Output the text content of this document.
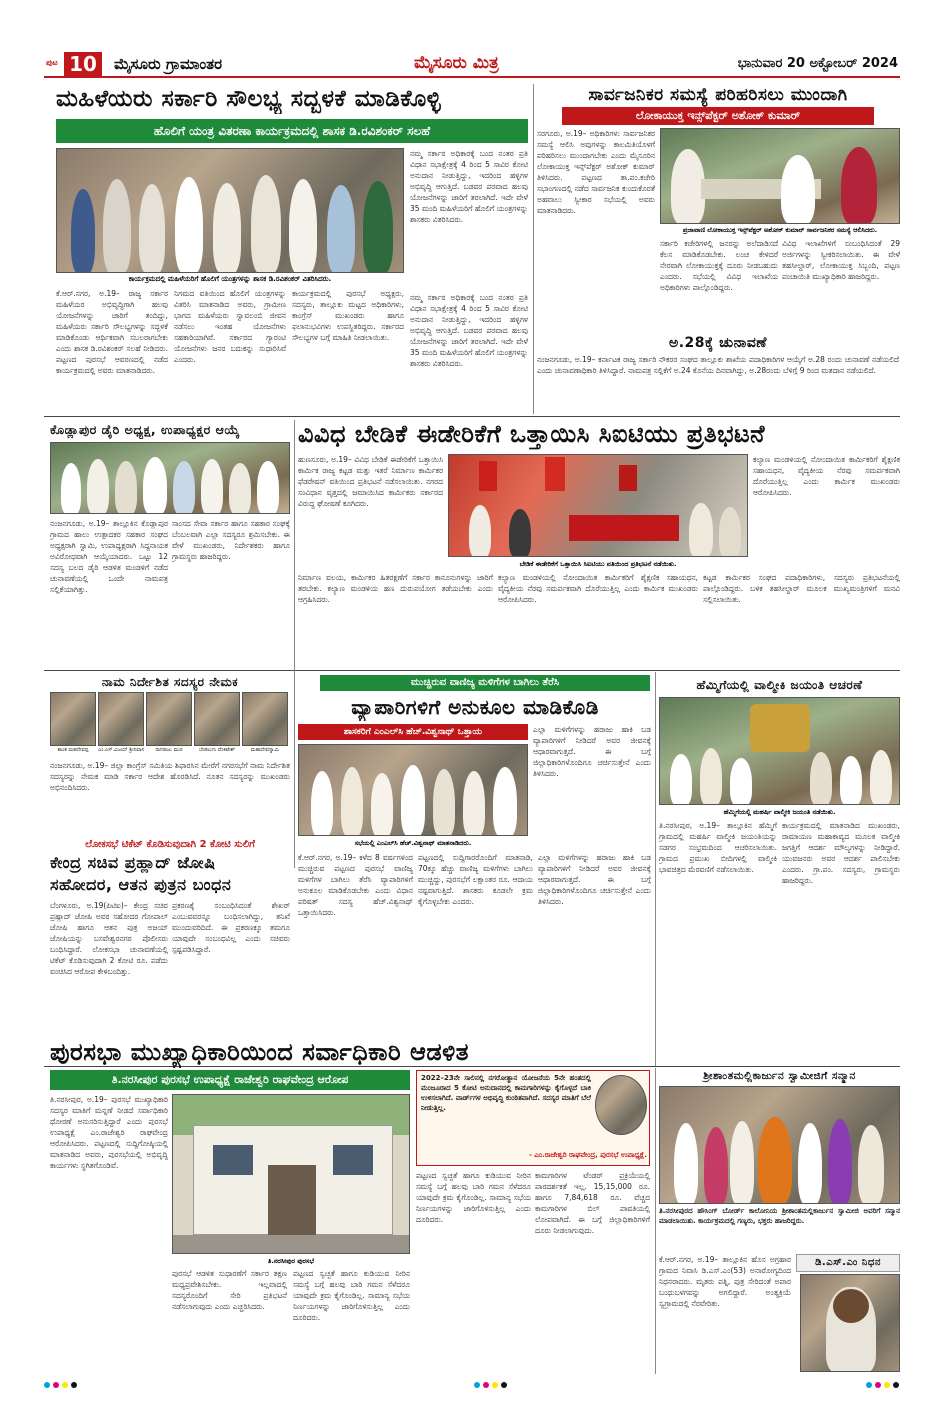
ಪುಟ 10	ಮೈಸೂರು ಗ್ರಾಮಾಂತರ	ಮೈಸೂರು ಮಿತ್ರ	ಭಾನುವಾರ 20 ಅಕ್ಟೋಬರ್ 2024
ಮಹಿಳೆಯರು ಸರ್ಕಾರಿ ಸೌಲಭ್ಯ ಸದ್ಬಳಕೆ ಮಾಡಿಕೊಳ್ಳಿ
ಹೊಲಿಗೆ ಯಂತ್ರ ವಿತರಣಾ ಕಾರ್ಯಕ್ರಮದಲ್ಲಿ ಶಾಸಕ ಡಿ.ರವಿಶಂಕರ್ ಸಲಹೆ
ಕಾರ್ಯಕ್ರಮದಲ್ಲಿ ಮಹಿಳೆಯರಿಗೆ ಹೊಲಿಗೆ ಯಂತ್ರಗಳನ್ನು ಶಾಸಕ ಡಿ.ರವಿಶಂಕರ್ ವಿತರಿಸಿದರು.
ನಮ್ಮ ಸರ್ಕಾರ ಅಧಿಕಾರಕ್ಕೆ ಬಂದ ನಂತರ ಪ್ರತಿ ವಿಧಾನ ಸಭಾಕ್ಷೇತ್ರಕ್ಕೆ 4 ರಿಂದ 5 ಸಾವಿರ ಕೋಟಿ ಅನುದಾನ ನೀಡುತ್ತಿದ್ದು, ಇದರಿಂದ ಹಳ್ಳಿಗಳ ಅಭಿವೃದ್ಧಿ ಆಗುತ್ತಿದೆ. ಬಡವರ ಪರವಾದ ಹಲವು ಯೋಜನೆಗಳನ್ನು ಜಾರಿಗೆ ತರಲಾಗಿದೆ. ಇದೇ ವೇಳೆ 35 ಮಂದಿ ಮಹಿಳೆಯರಿಗೆ ಹೊಲಿಗೆ ಯಂತ್ರಗಳನ್ನು ಶಾಸಕರು ವಿತರಿಸಿದರು.
ಕೆ.ಆರ್.ನಗರ, ಅ.19– ರಾಜ್ಯ ಸರ್ಕಾರ ಮಹಿಳೆಯರ ಅಭಿವೃದ್ಧಿಗಾಗಿ ಹಲವು ಯೋಜನೆಗಳನ್ನು ಜಾರಿಗೆ ತಂದಿದ್ದು, ಮಹಿಳೆಯರು ಸರ್ಕಾರಿ ಸೌಲಭ್ಯಗಳನ್ನು ಸದ್ಬಳಕೆ ಮಾಡಿಕೊಂಡು ಆರ್ಥಿಕವಾಗಿ ಸಬಲರಾಗಬೇಕು ಎಂದು ಶಾಸಕ ಡಿ.ರವಿಶಂಕರ್ ಸಲಹೆ ನೀಡಿದರು. ಪಟ್ಟಣದ ಪುರಸಭೆ ಆವರಣದಲ್ಲಿ ನಡೆದ ಕಾರ್ಯಕ್ರಮದಲ್ಲಿ ಅವರು ಮಾತನಾಡಿದರು.
ನಿಗಮದ ವತಿಯಿಂದ ಹೊಲಿಗೆ ಯಂತ್ರಗಳನ್ನು ವಿತರಿಸಿ ಮಾತನಾಡಿದ ಅವರು, ಗ್ರಾಮೀಣ ಭಾಗದ ಮಹಿಳೆಯರು ಸ್ವಾವಲಂಬಿ ಜೀವನ ನಡೆಸಲು ಇಂತಹ ಯೋಜನೆಗಳು ಸಹಕಾರಿಯಾಗಿವೆ. ಸರ್ಕಾರದ ಗ್ಯಾರಂಟಿ ಯೋಜನೆಗಳು ಜನರ ಬದುಕನ್ನು ಸುಧಾರಿಸಿವೆ ಎಂದರು.
ಕಾರ್ಯಕ್ರಮದಲ್ಲಿ ಪುರಸಭೆ ಅಧ್ಯಕ್ಷರು, ಸದಸ್ಯರು, ತಾಲ್ಲೂಕು ಮಟ್ಟದ ಅಧಿಕಾರಿಗಳು, ಕಾಂಗ್ರೆಸ್ ಮುಖಂಡರು ಹಾಗೂ ಫಲಾನುಭವಿಗಳು ಉಪಸ್ಥಿತರಿದ್ದರು. ಸರ್ಕಾರದ ಸೌಲಭ್ಯಗಳ ಬಗ್ಗೆ ಮಾಹಿತಿ ನೀಡಲಾಯಿತು.
ನಮ್ಮ ಸರ್ಕಾರ ಅಧಿಕಾರಕ್ಕೆ ಬಂದ ನಂತರ ಪ್ರತಿ ವಿಧಾನ ಸಭಾಕ್ಷೇತ್ರಕ್ಕೆ 4 ರಿಂದ 5 ಸಾವಿರ ಕೋಟಿ ಅನುದಾನ ನೀಡುತ್ತಿದ್ದು, ಇದರಿಂದ ಹಳ್ಳಿಗಳ ಅಭಿವೃದ್ಧಿ ಆಗುತ್ತಿದೆ. ಬಡವರ ಪರವಾದ ಹಲವು ಯೋಜನೆಗಳನ್ನು ಜಾರಿಗೆ ತರಲಾಗಿದೆ. ಇದೇ ವೇಳೆ 35 ಮಂದಿ ಮಹಿಳೆಯರಿಗೆ ಹೊಲಿಗೆ ಯಂತ್ರಗಳನ್ನು ಶಾಸಕರು ವಿತರಿಸಿದರು.
ಸಾರ್ವಜನಿಕರ ಸಮಸ್ಯೆ ಪರಿಹರಿಸಲು ಮುಂದಾಗಿ
ಲೋಕಾಯುಕ್ತ ಇನ್ಸ್‌ಪೆಕ್ಟರ್ ಅಶೋಕ್ ಕುಮಾರ್
ಸರಗೂರು, ಅ.19– ಅಧಿಕಾರಿಗಳು ಸಾರ್ವಜನಿಕರ ಸಮಸ್ಯೆ ಆಲಿಸಿ ಅವುಗಳನ್ನು ಕಾಲಮಿತಿಯೊಳಗೆ ಪರಿಹರಿಸಲು ಮುಂದಾಗಬೇಕು ಎಂದು ಮೈಸೂರಿನ ಲೋಕಾಯುಕ್ತ ಇನ್ಸ್‌ಪೆಕ್ಟರ್ ಅಶೋಕ್ ಕುಮಾರ್ ತಿಳಿಸಿದರು. ಪಟ್ಟಣದ ತಾ.ಪಂ.ಕಚೇರಿ ಸಭಾಂಗಣದಲ್ಲಿ ನಡೆದ ಸಾರ್ವಜನಿಕ ಕುಂದುಕೊರತೆ ಅಹವಾಲು ಸ್ವೀಕಾರ ಸಭೆಯಲ್ಲಿ ಅವರು ಮಾತನಾಡಿದರು.
ಪ್ರಜಾವಾಣಿ ಲೋಕಾಯುಕ್ತ ಇನ್ಸ್‌ಪೆಕ್ಟರ್ ಅಶೋಕ್ ಕುಮಾರ್ ಸಾರ್ವಜನಿಕರ ಸಮಸ್ಯೆ ಆಲಿಸಿದರು.
ಸರ್ಕಾರಿ ಕಚೇರಿಗಳಲ್ಲಿ ಜನರನ್ನು ಅಲೆದಾಡಿಸದೆ ಕೆಲಸ ಮಾಡಿಕೊಡಬೇಕು. ಲಂಚ ಕೇಳಿದರೆ ನೇರವಾಗಿ ಲೋಕಾಯುಕ್ತಕ್ಕೆ ದೂರು ನೀಡಬಹುದು ಎಂದರು. ಸಭೆಯಲ್ಲಿ ವಿವಿಧ ಇಲಾಖೆಯ ಅಧಿಕಾರಿಗಳು ಪಾಲ್ಗೊಂಡಿದ್ದರು.
ವಿವಿಧ ಇಲಾಖೆಗಳಿಗೆ ಸಂಬಂಧಿಸಿದಂತೆ 29 ಅರ್ಜಿಗಳನ್ನು ಸ್ವೀಕರಿಸಲಾಯಿತು. ಈ ವೇಳೆ ತಹಸೀಲ್ದಾರ್, ಲೋಕಾಯುಕ್ತ ಸಿಬ್ಬಂದಿ, ಪಟ್ಟಣ ಪಂಚಾಯಿತಿ ಮುಖ್ಯಾಧಿಕಾರಿ ಹಾಜರಿದ್ದರು.
ಅ.28ಕ್ಕೆ ಚುನಾವಣೆ
ನಂಜನಗೂಡು, ಅ.19– ಕರ್ನಾಟಕ ರಾಜ್ಯ ಸರ್ಕಾರಿ ನೌಕರರ ಸಂಘದ ತಾಲ್ಲೂಕು ಶಾಖೆಯ ಪದಾಧಿಕಾರಿಗಳ ಆಯ್ಕೆಗೆ ಅ.28 ರಂದು ಚುನಾವಣೆ ನಡೆಯಲಿದೆ ಎಂದು ಚುನಾವಣಾಧಿಕಾರಿ ತಿಳಿಸಿದ್ದಾರೆ. ನಾಮಪತ್ರ ಸಲ್ಲಿಕೆಗೆ ಅ.24 ಕೊನೆಯ ದಿನವಾಗಿದ್ದು, ಅ.28ರಂದು ಬೆಳಿಗ್ಗೆ 9 ರಿಂದ ಮತದಾನ ನಡೆಯಲಿದೆ.
ಕೊಡ್ಲಾಪುರ ಡೈರಿ ಅಧ್ಯಕ್ಷ, ಉಪಾಧ್ಯಕ್ಷರ ಆಯ್ಕೆ
ನಂಜನಗೂಡು, ಅ.19– ತಾಲ್ಲೂಕಿನ ಕೊಡ್ಲಾಪುರ ಗ್ರಾಮದ ಹಾಲು ಉತ್ಪಾದಕರ ಸಹಕಾರ ಸಂಘದ ಅಧ್ಯಕ್ಷರಾಗಿ ಸ್ವಾಮಿ, ಉಪಾಧ್ಯಕ್ಷರಾಗಿ ಸಿದ್ದನಾಯಕ ಅವಿರೋಧವಾಗಿ ಆಯ್ಕೆಯಾದರು. ಒಟ್ಟು 12 ಸದಸ್ಯ ಬಲದ ಡೈರಿ ಆಡಳಿತ ಮಂಡಳಿಗೆ ನಡೆದ ಚುನಾವಣೆಯಲ್ಲಿ ಒಂದೇ ನಾಮಪತ್ರ ಸಲ್ಲಿಕೆಯಾಗಿತ್ತು.
ಸಾಂಸದ ಸೇವಾ ಸರ್ಕಾರ ಹಾಗೂ ಸಹಕಾರ ಸಂಘಕ್ಕೆ ಬೆಂಬಲವಾಗಿ ಎಲ್ಲಾ ಸದಸ್ಯರೂ ಶ್ರಮಿಸಬೇಕು. ಈ ವೇಳೆ ಮುಖಂಡರು, ನಿರ್ದೇಶಕರು ಹಾಗೂ ಗ್ರಾಮಸ್ಥರು ಹಾಜರಿದ್ದರು.
ವಿವಿಧ ಬೇಡಿಕೆ ಈಡೇರಿಕೆಗೆ ಒತ್ತಾಯಿಸಿ ಸಿಐಟಿಯು ಪ್ರತಿಭಟನೆ
ಹುಣಸೂರು, ಅ.19– ವಿವಿಧ ಬೇಡಿಕೆ ಈಡೇರಿಕೆಗೆ ಒತ್ತಾಯಿಸಿ ಕಾರ್ಮಿಕ ರಾಜ್ಯ ಕಟ್ಟಡ ಮತ್ತು ಇತರೆ ನಿರ್ಮಾಣ ಕಾರ್ಮಿಕರ ಫೆಡರೇಷನ್ ವತಿಯಿಂದ ಪ್ರತಿಭಟನೆ ನಡೆಸಲಾಯಿತು. ನಗರದ ಸಂವಿಧಾನ ವೃತ್ತದಲ್ಲಿ ಜಮಾಯಿಸಿದ ಕಾರ್ಮಿಕರು ಸರ್ಕಾರದ ವಿರುದ್ಧ ಘೋಷಣೆ ಕೂಗಿದರು.
ಬೇಡಿಕೆ ಈಡೇರಿಕೆಗೆ ಒತ್ತಾಯಿಸಿ ಸಿಐಟಿಯು ವತಿಯಿಂದ ಪ್ರತಿಭಟನೆ ನಡೆಯಿತು.
ಕಲ್ಯಾಣ ಮಂಡಳಿಯಲ್ಲಿ ನೋಂದಾಯಿತ ಕಾರ್ಮಿಕರಿಗೆ ಶೈಕ್ಷಣಿಕ ಸಹಾಯಧನ, ವೈದ್ಯಕೀಯ ನೆರವು ಸಮರ್ಪಕವಾಗಿ ದೊರೆಯುತ್ತಿಲ್ಲ ಎಂದು ಕಾರ್ಮಿಕ ಮುಖಂಡರು ಆರೋಪಿಸಿದರು.
ನಿರ್ಮಾಣ ವಲಯ, ಕಾರ್ಮಿಕರ ಹಿತರಕ್ಷಣೆಗೆ ಸರ್ಕಾರ ಕಾನೂನುಗಳನ್ನು ಜಾರಿಗೆ ತರಬೇಕು. ಕಲ್ಯಾಣ ಮಂಡಳಿಯ ಹಣ ದುರುಪಯೋಗ ತಡೆಯಬೇಕು ಎಂದು ಆಗ್ರಹಿಸಿದರು.
ಕಲ್ಯಾಣ ಮಂಡಳಿಯಲ್ಲಿ ನೋಂದಾಯಿತ ಕಾರ್ಮಿಕರಿಗೆ ಶೈಕ್ಷಣಿಕ ಸಹಾಯಧನ, ವೈದ್ಯಕೀಯ ನೆರವು ಸಮರ್ಪಕವಾಗಿ ದೊರೆಯುತ್ತಿಲ್ಲ ಎಂದು ಕಾರ್ಮಿಕ ಮುಖಂಡರು ಆರೋಪಿಸಿದರು.
ಕಟ್ಟಡ ಕಾರ್ಮಿಕರ ಸಂಘದ ಪದಾಧಿಕಾರಿಗಳು, ಸದಸ್ಯರು ಪ್ರತಿಭಟನೆಯಲ್ಲಿ ಪಾಲ್ಗೊಂಡಿದ್ದರು. ಬಳಿಕ ತಹಸೀಲ್ದಾರ್ ಮೂಲಕ ಮುಖ್ಯಮಂತ್ರಿಗಳಿಗೆ ಮನವಿ ಸಲ್ಲಿಸಲಾಯಿತು.
ನಾಮ ನಿರ್ದೇಶಿತ ಸದಸ್ಯರ ನೇಮಕ
ಶಾಂತ ಮಹದೇವಪ್ಪ	ಎಂ.ಎಸ್.ವಿಜಯ್ ಶ್ರೀನಿವಾಸ	ನಾಗರಾಜು ಮುರ	ಬೇಡಲುಗು ವೆಂಕಟೇಶ್	ಮಹಾದೇವಸ್ವಾಮಿ
ನಂಜನಗೂಡು, ಅ.19– ಜಿಲ್ಲಾ ಕಾಂಗ್ರೆಸ್ ಸಮಿತಿಯ ಶಿಫಾರಸಿನ ಮೇರೆಗೆ ನಗರಸಭೆಗೆ ನಾಮ ನಿರ್ದೇಶಿತ ಸದಸ್ಯರನ್ನು ನೇಮಕ ಮಾಡಿ ಸರ್ಕಾರ ಆದೇಶ ಹೊರಡಿಸಿದೆ. ನೂತನ ಸದಸ್ಯರನ್ನು ಮುಖಂಡರು ಅಭಿನಂದಿಸಿದರು.
ಲೋಕಸಭೆ ಟಿಕೆಟ್ ಕೊಡಿಸುವುದಾಗಿ 2 ಕೋಟಿ ಸುಲಿಗೆ
ಕೇಂದ್ರ ಸಚಿವ ಪ್ರಹ್ಲಾದ್ ಜೋಷಿ
ಸಹೋದರ, ಆತನ ಪುತ್ರನ ಬಂಧನ
ಮುಚ್ಚಿರುವ ವಾಣಿಜ್ಯ ಮಳಿಗೆಗಳ ಬಾಗಿಲು ತೆರೆಸಿ
ವ್ಯಾಪಾರಿಗಳಿಗೆ ಅನುಕೂಲ ಮಾಡಿಕೊಡಿ
ಶಾಸಕರಿಗೆ ಎಂಎಲ್‌ಸಿ ಹೆಚ್.ವಿಶ್ವನಾಥ್ ಒತ್ತಾಯ
ಸಭೆಯಲ್ಲಿ ಎಂಎಲ್‌ಸಿ ಹೆಚ್.ವಿಶ್ವನಾಥ್ ಮಾತನಾಡಿದರು.
ಎಲ್ಲಾ ಮಳಿಗೆಗಳನ್ನು ಹರಾಜು ಹಾಕಿ ಬಡ ವ್ಯಾಪಾರಿಗಳಿಗೆ ನೀಡಿದರೆ ಅವರ ಜೀವನಕ್ಕೆ ಆಧಾರವಾಗುತ್ತದೆ. ಈ ಬಗ್ಗೆ ಜಿಲ್ಲಾಧಿಕಾರಿಗಳೊಂದಿಗೂ ಚರ್ಚಿಸುತ್ತೇನೆ ಎಂದು ತಿಳಿಸಿದರು.
ಕೆ.ಆರ್.ನಗರ, ಅ.19– ಕಳೆದ 8 ವರ್ಷಗಳಿಂದ ಮುಚ್ಚಿರುವ ಪಟ್ಟಣದ ಪುರಸಭೆ ವಾಣಿಜ್ಯ ಮಳಿಗೆಗಳ ಬಾಗಿಲು ತೆರೆಸಿ ವ್ಯಾಪಾರಿಗಳಿಗೆ ಅನುಕೂಲ ಮಾಡಿಕೊಡಬೇಕು ಎಂದು ವಿಧಾನ ಪರಿಷತ್ ಸದಸ್ಯ ಹೆಚ್.ವಿಶ್ವನಾಥ್ ಒತ್ತಾಯಿಸಿದರು.
ಪಟ್ಟಣದಲ್ಲಿ ಸುದ್ದಿಗಾರರೊಂದಿಗೆ ಮಾತನಾಡಿ, 70ಕ್ಕೂ ಹೆಚ್ಚು ವಾಣಿಜ್ಯ ಮಳಿಗೆಗಳು ಬಾಗಿಲು ಮುಚ್ಚಿದ್ದು, ಪುರಸಭೆಗೆ ಲಕ್ಷಾಂತರ ರೂ. ಆದಾಯ ನಷ್ಟವಾಗುತ್ತಿದೆ. ಶಾಸಕರು ಕೂಡಲೇ ಕ್ರಮ ಕೈಗೊಳ್ಳಬೇಕು ಎಂದರು.
ಎಲ್ಲಾ ಮಳಿಗೆಗಳನ್ನು ಹರಾಜು ಹಾಕಿ ಬಡ ವ್ಯಾಪಾರಿಗಳಿಗೆ ನೀಡಿದರೆ ಅವರ ಜೀವನಕ್ಕೆ ಆಧಾರವಾಗುತ್ತದೆ. ಈ ಬಗ್ಗೆ ಜಿಲ್ಲಾಧಿಕಾರಿಗಳೊಂದಿಗೂ ಚರ್ಚಿಸುತ್ತೇನೆ ಎಂದು ತಿಳಿಸಿದರು.
ಬೆಂಗಳೂರು, ಅ.19(ಪಿಟಿಐ)– ಕೇಂದ್ರ ಸಚಿವ ಪ್ರಹ್ಲಾದ್ ಜೋಷಿ ಅವರ ಸಹೋದರ ಗೋಪಾಲ್ ಜೋಷಿ ಹಾಗೂ ಆತನ ಪುತ್ರ ಅಜಯ್ ಜೋಷಿಯನ್ನು ಬಸವೇಶ್ವರನಗರ ಪೊಲೀಸರು ಬಂಧಿಸಿದ್ದಾರೆ. ಲೋಕಸಭಾ ಚುನಾವಣೆಯಲ್ಲಿ ಟಿಕೆಟ್ ಕೊಡಿಸುವುದಾಗಿ 2 ಕೋಟಿ ರೂ. ಪಡೆದು ವಂಚಿಸಿದ ಆರೋಪ ಕೇಳಿಬಂದಿತ್ತು.
ಪ್ರಕರಣಕ್ಕೆ ಸಂಬಂಧಿಸಿದಂತೆ ಶೇಖರ್ ಎಂಬುವವರನ್ನೂ ಬಂಧಿಸಲಾಗಿದ್ದು, ತನಿಖೆ ಮುಂದುವರಿದಿದೆ. ಈ ಪ್ರಕರಣಕ್ಕೂ ತಮಗೂ ಯಾವುದೇ ಸಂಬಂಧವಿಲ್ಲ ಎಂದು ಸಚಿವರು ಸ್ಪಷ್ಟಪಡಿಸಿದ್ದಾರೆ.
ಹೆಮ್ಮಿಗೆಯಲ್ಲಿ ವಾಲ್ಮೀಕಿ ಜಯಂತಿ ಆಚರಣೆ
ಹೆಮ್ಮಿಗೆಯಲ್ಲಿ ಮಹರ್ಷಿ ವಾಲ್ಮೀಕಿ ಜಯಂತಿ ನಡೆಯಿತು.
ತಿ.ನರಸೀಪುರ, ಅ.19– ತಾಲ್ಲೂಕಿನ ಹೆಮ್ಮಿಗೆ ಗ್ರಾಮದಲ್ಲಿ ಮಹರ್ಷಿ ವಾಲ್ಮೀಕಿ ಜಯಂತಿಯನ್ನು ಸಡಗರ ಸಂಭ್ರಮದಿಂದ ಆಚರಿಸಲಾಯಿತು. ಗ್ರಾಮದ ಪ್ರಮುಖ ಬೀದಿಗಳಲ್ಲಿ ವಾಲ್ಮೀಕಿ ಭಾವಚಿತ್ರದ ಮೆರವಣಿಗೆ ನಡೆಸಲಾಯಿತು.
ಕಾರ್ಯಕ್ರಮದಲ್ಲಿ ಮಾತನಾಡಿದ ಮುಖಂಡರು, ರಾಮಾಯಣ ಮಹಾಕಾವ್ಯದ ಮೂಲಕ ವಾಲ್ಮೀಕಿ ಜಗತ್ತಿಗೆ ಆದರ್ಶ ಮೌಲ್ಯಗಳನ್ನು ನೀಡಿದ್ದಾರೆ. ಯುವಜನರು ಅವರ ಆದರ್ಶ ಪಾಲಿಸಬೇಕು ಎಂದರು. ಗ್ರಾ.ಪಂ. ಸದಸ್ಯರು, ಗ್ರಾಮಸ್ಥರು ಹಾಜರಿದ್ದರು.
ಪುರಸಭಾ ಮುಖ್ಯಾಧಿಕಾರಿಯಿಂದ ಸರ್ವಾಧಿಕಾರಿ ಆಡಳಿತ
ತಿ.ನರಸೀಪುರ ಪುರಸಭೆ ಉಪಾಧ್ಯಕ್ಷೆ ರಾಜೇಶ್ವರಿ ರಾಘವೇಂದ್ರ ಆರೋಪ
ತಿ.ನರಸೀಪುರ, ಅ.19– ಪುರಸಭೆ ಮುಖ್ಯಾಧಿಕಾರಿ ಸದಸ್ಯರ ಮಾತಿಗೆ ಮನ್ನಣೆ ನೀಡದೆ ಸರ್ವಾಧಿಕಾರಿ ಧೋರಣೆ ಅನುಸರಿಸುತ್ತಿದ್ದಾರೆ ಎಂದು ಪುರಸಭೆ ಉಪಾಧ್ಯಕ್ಷೆ ಎಂ.ರಾಜೇಶ್ವರಿ ರಾಘವೇಂದ್ರ ಆರೋಪಿಸಿದರು. ಪಟ್ಟಣದಲ್ಲಿ ಸುದ್ದಿಗೋಷ್ಠಿಯಲ್ಲಿ ಮಾತನಾಡಿದ ಅವರು, ಪುರಸಭೆಯಲ್ಲಿ ಅಭಿವೃದ್ಧಿ ಕಾರ್ಯಗಳು ಸ್ಥಗಿತಗೊಂಡಿವೆ.
ತಿ.ನರಸೀಪುರ ಪುರಸಭೆ
2022–23ನೇ ಸಾಲಿನಲ್ಲಿ ನಗರೋತ್ಥಾನ ಯೋಜನೆಯ 5ನೇ ಹಂತದಲ್ಲಿ ಮಂಜೂರಾದ 5 ಕೋಟಿ ಅನುದಾನದಲ್ಲಿ ಕಾಮಗಾರಿಗಳನ್ನು ಕೈಗೊಳ್ಳದೆ ಬಾಕಿ ಉಳಿಸಲಾಗಿದೆ. ವಾರ್ಡ್‌ಗಳ ಅಭಿವೃದ್ಧಿ ಕುಂಠಿತವಾಗಿದೆ. ಸದಸ್ಯರ ಮಾತಿಗೆ ಬೆಲೆ ನೀಡುತ್ತಿಲ್ಲ.
- ಎಂ.ರಾಜೇಶ್ವರಿ ರಾಘವೇಂದ್ರ, ಪುರಸಭೆ ಉಪಾಧ್ಯಕ್ಷೆ.
ಪಟ್ಟಣದ ಸ್ವಚ್ಛತೆ ಹಾಗೂ ಕುಡಿಯುವ ನೀರಿನ ಸಮಸ್ಯೆ ಬಗ್ಗೆ ಹಲವು ಬಾರಿ ಗಮನ ಸೆಳೆದರೂ ಯಾವುದೇ ಕ್ರಮ ಕೈಗೊಂಡಿಲ್ಲ. ಸಾಮಾನ್ಯ ಸಭೆಯ ನಿರ್ಣಯಗಳನ್ನು ಜಾರಿಗೊಳಿಸುತ್ತಿಲ್ಲ ಎಂದು ದೂರಿದರು.
ಕಾಮಗಾರಿಗಳ ಟೆಂಡರ್ ಪ್ರಕ್ರಿಯೆಯಲ್ಲಿ ಪಾರದರ್ಶಕತೆ ಇಲ್ಲ. 15,15,000 ರೂ. ಹಾಗೂ 7,84,618 ರೂ. ವೆಚ್ಚದ ಕಾಮಗಾರಿಗಳ ಬಿಲ್ ಪಾವತಿಯಲ್ಲಿ ಲೋಪವಾಗಿದೆ. ಈ ಬಗ್ಗೆ ಜಿಲ್ಲಾಧಿಕಾರಿಗಳಿಗೆ ದೂರು ನೀಡಲಾಗುವುದು.
ಪುರಸಭೆ ಆಡಳಿತ ಸುಧಾರಣೆಗೆ ಸರ್ಕಾರ ತಕ್ಷಣ ಮಧ್ಯಪ್ರವೇಶಿಸಬೇಕು. ಇಲ್ಲವಾದಲ್ಲಿ ಸದಸ್ಯರೊಂದಿಗೆ ಸೇರಿ ಪ್ರತಿಭಟನೆ ನಡೆಸಲಾಗುವುದು ಎಂದು ಎಚ್ಚರಿಸಿದರು.
ಪಟ್ಟಣದ ಸ್ವಚ್ಛತೆ ಹಾಗೂ ಕುಡಿಯುವ ನೀರಿನ ಸಮಸ್ಯೆ ಬಗ್ಗೆ ಹಲವು ಬಾರಿ ಗಮನ ಸೆಳೆದರೂ ಯಾವುದೇ ಕ್ರಮ ಕೈಗೊಂಡಿಲ್ಲ. ಸಾಮಾನ್ಯ ಸಭೆಯ ನಿರ್ಣಯಗಳನ್ನು ಜಾರಿಗೊಳಿಸುತ್ತಿಲ್ಲ ಎಂದು ದೂರಿದರು.
ಶ್ರೀಶಾಂತಮಲ್ಲಿಕಾರ್ಜುನ ಸ್ವಾಮೀಜಿಗೆ ಸನ್ಮಾನ
ತಿ.ನರಸೀಪುರದ ಹೌಸಿಂಗ್ ಬೋರ್ಡ್ ಕಾಲೋನಿಯ ಶ್ರೀಶಾಂತಮಲ್ಲಿಕಾರ್ಜುನ ಸ್ವಾಮೀಜಿ ಅವರಿಗೆ ಸನ್ಮಾನ ಮಾಡಲಾಯಿತು. ಕಾರ್ಯಕ್ರಮದಲ್ಲಿ ಗಣ್ಯರು, ಭಕ್ತರು ಹಾಜರಿದ್ದರು.
ಡಿ.ಎಸ್.ಎಂ ನಿಧನ
ಕೆ.ಆರ್.ನಗರ, ಅ.19– ತಾಲ್ಲೂಕಿನ ಹೊಸ ಅಗ್ರಹಾರ ಗ್ರಾಮದ ನಿವಾಸಿ ಡಿ.ಎಸ್.ಎಂ(53) ಅನಾರೋಗ್ಯದಿಂದ ನಿಧನರಾದರು. ಮೃತರು ಪತ್ನಿ, ಪುತ್ರ ಸೇರಿದಂತೆ ಅಪಾರ ಬಂಧುಬಳಗವನ್ನು ಅಗಲಿದ್ದಾರೆ. ಅಂತ್ಯಕ್ರಿಯೆ ಸ್ವಗ್ರಾಮದಲ್ಲಿ ನೆರವೇರಿತು.
